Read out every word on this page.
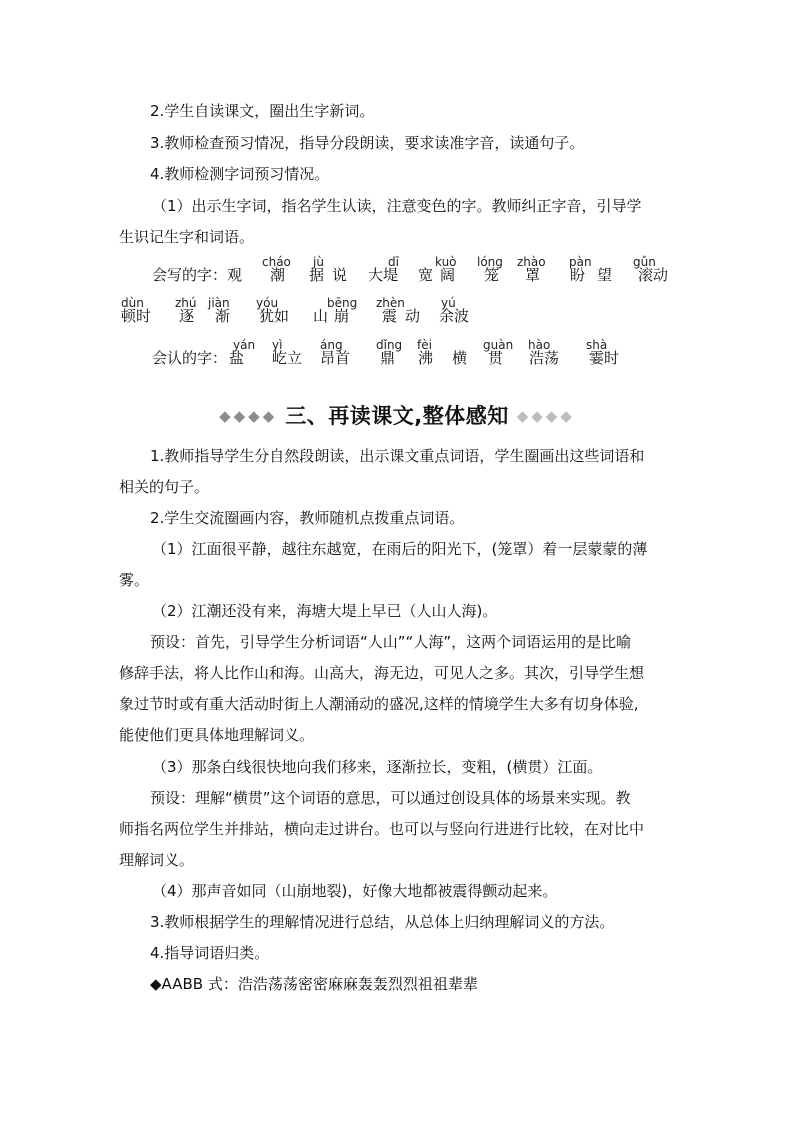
2.学生自读课文，圈出生字新词。
3.教师检查预习情况，指导分段朗读，要求读准字音，读通句子。
4.教师检测字词预习情况。
（1）出示生字词，指名学生认读，注意变色的字。教师纠正字音，引导学
生识记生字和词语。
cháo jù	dī	kuò lóng zhào pàn	gǔn
会写的字： 观 潮 据 说 大堤 宽 阔 笼 罩 盼 望 滚动
dùn	zhú jiàn yóu	bēng zhèn	yú
顿时 逐 渐 犹如 山 崩 震 动 余波
yán yì	áng	dǐng fèi	guàn hào	shà
会认的字： 盐 屹立 昂首 鼎 沸 横 贯 浩荡 霎时
◆◆◆◆ 三、再读课文,整体感知 ◆◆◆◆
1.教师指导学生分自然段朗读，出示课文重点词语，学生圈画出这些词语和
相关的句子。
2.学生交流圈画内容，教师随机点拨重点词语。
（1）江面很平静，越往东越宽，在雨后的阳光下，(笼罩）着一层蒙蒙的薄
雾。
（2）江潮还没有来，海塘大堤上早已（人山人海)。
预设：首先，引导学生分析词语“人山”“人海”，这两个词语运用的是比喻
修辞手法，将人比作山和海。山高大，海无边，可见人之多。其次，引导学生想
象过节时或有重大活动时街上人潮涌动的盛况,这样的情境学生大多有切身体验,
能使他们更具体地理解词义。
（3）那条白线很快地向我们移来，逐渐拉长，变粗，(横贯）江面。
预设：理解“横贯”这个词语的意思，可以通过创设具体的场景来实现。教
师指名两位学生并排站，横向走过讲台。也可以与竖向行进进行比较，在对比中
理解词义。
（4）那声音如同（山崩地裂)，好像大地都被震得颤动起来。
3.教师根据学生的理解情况进行总结，从总体上归纳理解词义的方法。
4.指导词语归类。
◆AABB 式：浩浩荡荡密密麻麻轰轰烈烈祖祖辈辈
